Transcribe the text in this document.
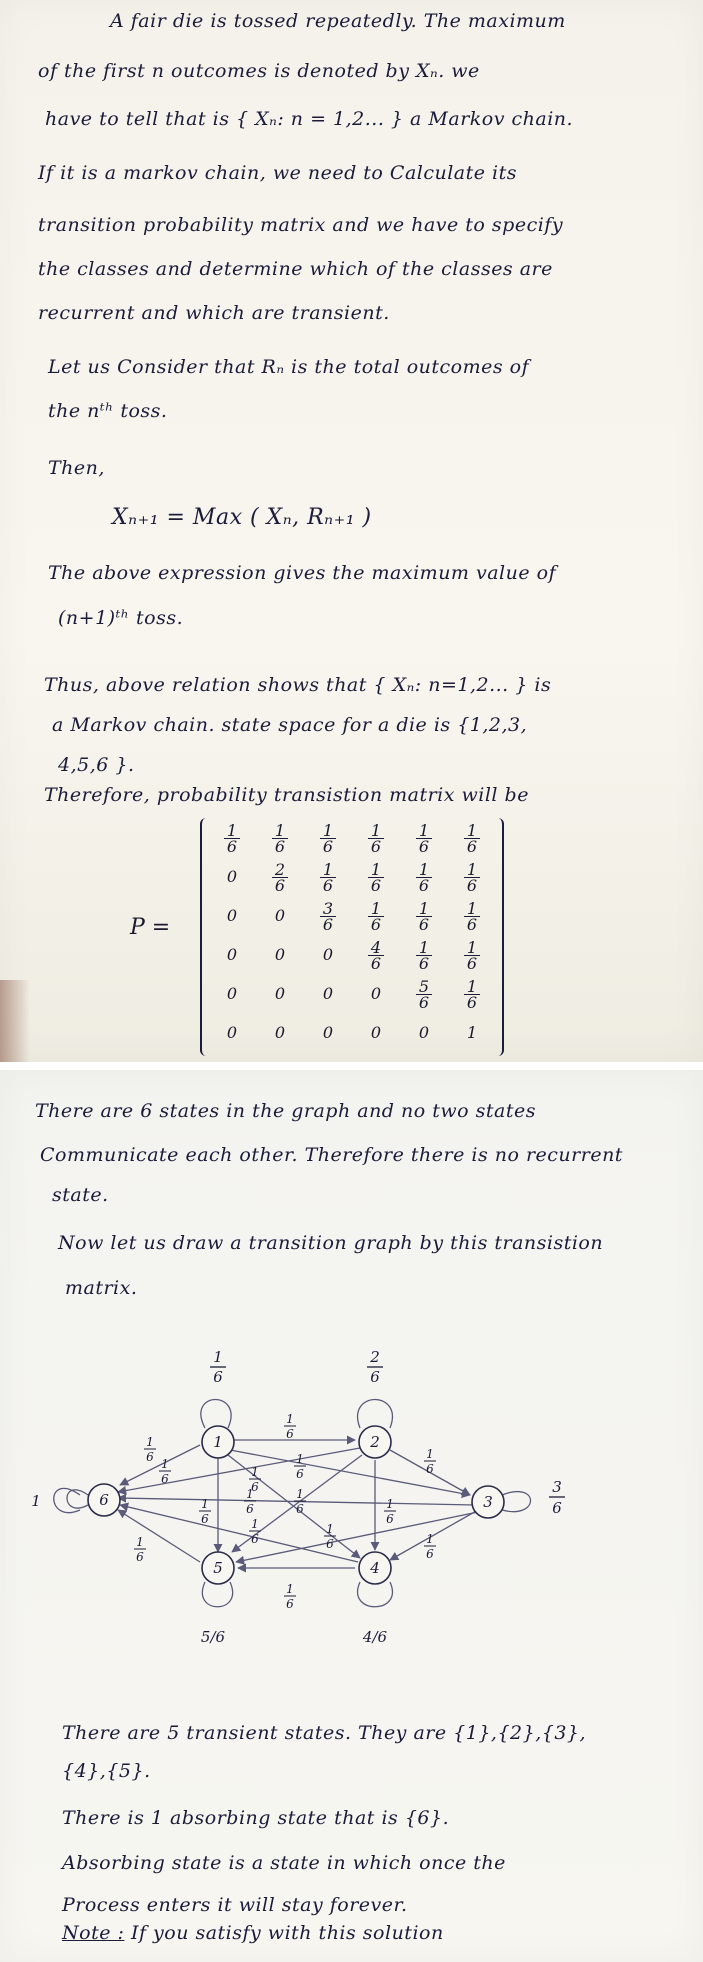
A fair die is tossed repeatedly. The maximum
of the first n outcomes is denoted by Xₙ. we
have to tell that is { Xₙ: n = 1,2... } a Markov chain.
If it is a markov chain, we need to Calculate its
transition probability matrix and we have to specify
the classes and determine which of the classes are
recurrent and which are transient.
Let us Consider that Rₙ is the total outcomes of
the nᵗʰ toss.
Then,
Xₙ₊₁ = Max ( Xₙ, Rₙ₊₁ )
The above expression gives the maximum value of
(n+1)ᵗʰ toss.
Thus, above relation shows that { Xₙ: n=1,2... } is
a Markov chain. state space for a die is {1,2,3,
4,5,6 }.
Therefore, probability transistion matrix will be
P =
$\frac{1}{6} \frac{1}{6} \frac{1}{6} \frac{1}{6} \frac{1}{6} \frac{1}{6}$
0	$\frac{2}{6} \frac{1}{6} \frac{1}{6} \frac{1}{6} \frac{1}{6}$
0	0	$\frac{3}{6} \frac{1}{6} \frac{1}{6} \frac{1}{6}$
0	0	0	$\frac{4}{6} \frac{1}{6} \frac{1}{6}$
0	0	0	0	$\frac{5}{6} \frac{1}{6}$
0	0	0	0	0	1
There are 6 states in the graph and no two states
Communicate each other. Therefore there is no recurrent
state.
Now let us draw a transition graph by this transistion
matrix.
1	2
3
4
5
6
1
6
2
6
3
6
4/6
5/6
1
1
6
1
6
1
6
1
6
1
6
1
6
1
6	1
6
1
6
1
6
1
6
1
6
1
6
1
6
1
6
There are 5 transient states. They are {1},{2},{3},
{4},{5}.
There is 1 absorbing state that is {6}.
Absorbing state is a state in which once the
Process enters it will stay forever.
Note : If you satisfy with this solution
